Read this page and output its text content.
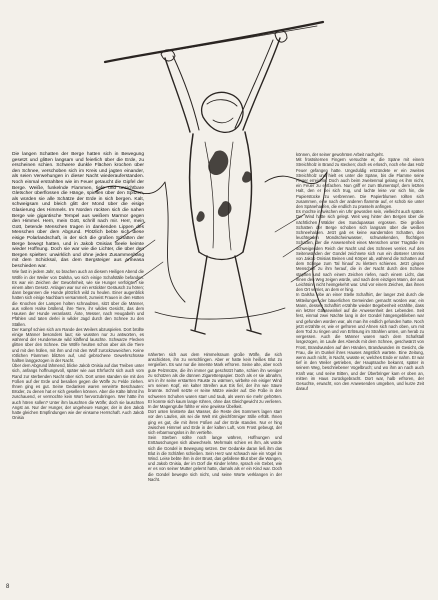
Die langen Schatten der Berge hatten sich in Bewegung gesetzt und glitten langsam und feierlich über die Erde, zu erscheinen schien. Schwere dunkle Flächen krochen über den Schnee, verschoben sich im Kreis und jagten einander, als seien Verwehungen in dieser Nacht wiederauferstanden. Noch einmal erstrahlten wie im Feuer getaucht die Gipfel der Berge. Weiße, funkelnde Flammen, tiefe und unsichtbare Gletscher überflossen die Hänge, spielten über den Spitzen, als würden sie alle Schätze der Erde in sich bergen. Kalt, schweigsam und bleich glitt der Mond über die eisige Glasierung des Himmels. Im Norden rückten sich die nahen Berge wie gigantische Tempel aus weißem Marmor gegen den Himmel. Hern, mein Gott, schrill nach mir. Herr, mein Gott, betende Menschen tragen in dankenden Lippen des Menschen über dem Abgrund. Plötzlich bebte sich diese eisige Polarlandschaft, in der sich die großen Schatten der Berge bewegt hatten, und in Jakob Onisias Seele keimte wieder Hoffnung. Doch sie war wie die Lichter, die über den Bergen spielten: unwirklich und ohne jeden Zusammenhang mit dem Schicksal, das dem Bergsteiger aus Anneasa beschieden war.

Wie fast in jedem Jahr, so brachen auch an diesem Heiligen Abend die Wölfe in der Weiler von Dalsha, wo sich einige Schafställe befanden. Es war ein Zeichen der Gewohnheit, wie sie Hunger verfolgten sie einem alten Gesetz. Anlagen war nur ein erstickter Geräusch zu hören; dann begannen die Hunde plötzlich wild zu heulen. Einer augenblick hatten sich einige Nachbarn versammelt, zumeist Frauen in den Hütten die Knochen der Lampen holten schnaubten, sitzt über die Männer, aus vollem Halse brüllend, ihre Tiere, ihr wildes Gesicht, das dem Hausen der Hunde veranlasst. Äxte, Messer, nach Heugabeln und Pfählen und taten derlei in wilder Jagd durch den Schnee zu den Ställen.

Der Kampf schien sich am Rande des Weilers abzuspielen. Dort brüllte einige Männer besonders laut; sie wussten nur zu antworten, es während der Hundemeute wild kläffend lauschte. Schwarze Flecken glitten über den Schnee. Die Wölfe heulten schon aber als die Tiere und mit den hüllen, mit ihm und mit den Wolf zurückzuweichen. Keine rötlichen Flammen blitzten auf, und gebrochene Gewehrschüsse hallten langgezogen in der Nacht.

Über dem Abgrund lähmend, blicke Jakob Onisia auf das Treiben unter sich, anfangs hoffnungsvoll, später wie aus Ehrfurcht sich auch vom Rand zur sterbenden Nacht über sich. Dort unten standen sie mit den Füßen auf der Erde und besaßen gegen die Wölfe zu Felde ziehen. Ihnen ging es gut. Seine Gedanken waren verwirrte Beschauten: Brüder, zu denen hat er sich gesellen können. Aber die Kälte lähmt ihn zuschauend, er vermochte kein Wort hervorzubringen. Wer hätte ihn auch hören sollen? Unter ihm lauschten die Wölfe; doch sie lauschten Angst an. Nur der Hunger, der ungeheure Hunger, der in den Jakob hatte gleichen Empfindungen wie der einsame Herrschaft. Auch Jakob Onisia

näherten sich aus dem Himmelsraum große Wölfe, die sich anschickten, ihn zu verschlingen. Aber er hatte kein heißes Blut zu vergießen. Es war nur die innerste Mark erfroren. Seine alte, aber noch gute Pelzmütze, die ihn immer gut geschützt hatte, schien ihn weniger zu schützen als die dünnen Zigarettenpapier. Doch als er sie abnahm, um in ihr seine erstarrten Fäuste zu wärmen, wirbelte ein eisiger Wind um seinen Kopf, ein kalter Streifen aus Eis fiel, der ihn wie Säure brannte. Schnell setzte er seine Mütze wieder auf. Die Füße in den schweren Schuhen waren starr und taub, als wenn sie mehr gehörten. Er konnte sich kaum lange rühren, ohne das Gleichgewicht zu verlieren. In der Magengrube fühlte er eine gewisse Übelkeit.

Dort unten knisterte das Wasser, die Reste des Sommers lagen starr vor den Läufen, als sei die Welt mit gleichförmiger Stille erfüllt. Ihnen ging es gut, die mit ihren Füßen auf der Erde standen. Nur er hing zwischen Himmel und Erde in der kalten Luft, vom Frost gebeugt, der sich erbarmungslos in ihn vertiefte.

Sein Sterben sollte noch lange währen, Hoffnungen und Enttäuschungen sich abwechseln. Mehrmals schien es ihm, als würde sich die Gondel in Bewegung setzen. Der Gedanke daran ließ ihm das Blut in die Schläfen schießen. Sein Herz war schwach wie ein Vogel im Wind. Leise bebte ihm in der Brust, das gefallene Blut über die Wangen, und Jakob Onisia, der im Dorf die Kinder lehrte, sprach ein Gebet, wie er es von seiner Mutter gelernt hatte, damals als er ein Kind war. Doch die Gondel bewegte sich nicht, und seine Worte verklangen in der Nacht.

können, der seiner gewohnten Arbeit nachgeht.

Mit frostsiternen Fingern versuchte er, die Späne mit einem Streichholz in Brand zu stecken; doch es erlosch, noch ehe das Holz Feuer gefangen hatte. Ungeduldig entzündete er ein zweites Streichholz und hielt es unter die Späne, bis die Flamme seine Finger erreichte. Doch auch beim zweitenmal gelang es ihm nicht, ein Feuer zu entfachen. Nun griff er zum Blumentopf, dem letzten Halt, den er bei sich trug, und lachte leise vor sich hin, die Papierstücke zu verbrennen. Die Papierblumen rollten sich zusammen, eine nach der anderen flammte auf, er schob sie unter den Spänehaufen, die endlich zu prasseln anfingen.

Es mochte inzwischen ein Uhr geworden sein, vielleicht auch später. Der Wind hatte sich gelegt. Weit weg hinter den Bergen über die nächtlichen Wälder des Sundupassas ergossen. Die großen Schatten der Berge schoben sich langsam über die weißen Schneehalden. Jetzt gab es keine wandernden Schatten, den leuchtenden Mondscheinwasser, schwankenden, flüchtigen Schatten, der die Anwesenheit eines Menschen unter Tragödie im schweigenden Reich der Nacht und des Schnees verriet. Auf den Seitenwänden der Gondel zeichnete sich nun ein düsterer Umriss von Jakob Onisias Beinen und Körper ab, während die Schatten auf dem Schnee zum Tal hinauf zu klettern schienen. Jetzt gingen Menschen zu ihm herauf, die in der Nacht durch den Schnee stapften und nach einem Zeichen riefen, nach einem Licht, das ihnen den Weg zeigen würde, und nach dem einzigen Mann, der aus Leichtsinn nicht heimgekehrt war. Und vor einem Zeichen, das ihnen den Ort verriet, an dem er hing.

In Dalsha lebe an einer Stelle Schafhirt, der langer Zeit durch die Mitteilungen der bäuerlichen Gemeinden gemacht worden war, ein Mann, dessen Schafhirt erzählte wieder Begebenheit erzählte, dass ein letzter Gänsewinkel auf die Anwesenheit des Lebenden. Seit fest, einmal zwei Nächte lang in der Gondel hängengeblieben war und gefunden worden war, als man ihn endlich gefunden hatte. Noch jetzt erzählte er, wie er gefroren und Ahnen sich nach oben, um mit dem Tod zu ringen und von Erlösung im Strahlen unten, um herab zu vergessen. Auch die Männer waren nach dem Schafstall losgezogen, im Laufe des Abends mit dem Schnee, geschwärzt von Frost, Brandwunden auf den Händen, Brandwunden im Gesicht, die Frau, die im Dunkel ihres Hauses ängstlich wartete. Eine Zeitung, wenn auch nicht, in Nacht, wusste er, welches Ende er nahm. Er war tief in den Weiler getrieben, der Hauptsache bekannt, später in seinem Weg, beschriebener Vogelbruch; und wo ihm an nach auch Kraft war, und seine Bitten, und der Überbringer kam er oben an, mitten im Haus zurückgebracht. Dort war, halb erfroren, der Gesuchte, erwacht, von den Anwesenden umgeben, und kurze Zeit darauf

8
